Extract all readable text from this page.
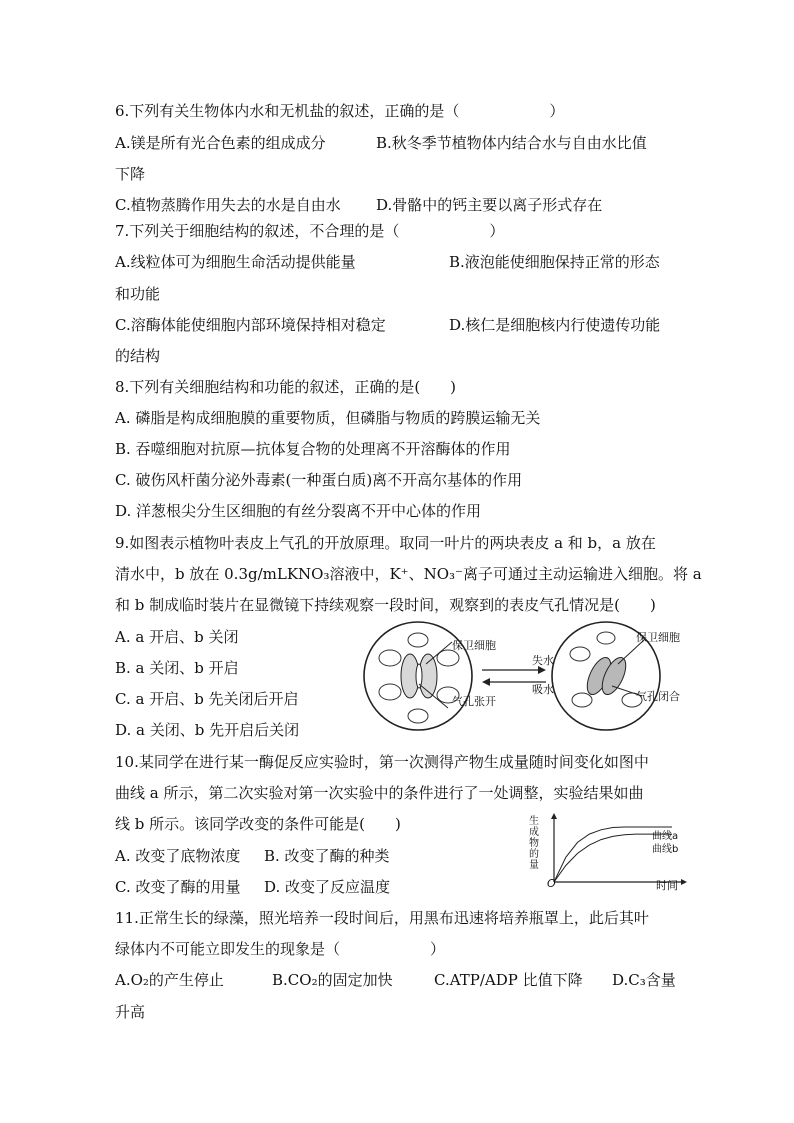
6.下列有关生物体内水和无机盐的叙述，正确的是（　　　　　　）
A.镁是所有光合色素的组成成分	B.秋冬季节植物体内结合水与自由水比值
下降
C.植物蒸腾作用失去的水是自由水 D.骨骼中的钙主要以离子形式存在
7.下列关于细胞结构的叙述，不合理的是（　　　　　　）
A.线粒体可为细胞生命活动提供能量	B.液泡能使细胞保持正常的形态
和功能
C.溶酶体能使细胞内部环境保持相对稳定	D.核仁是细胞核内行使遗传功能
的结构
8.下列有关细胞结构和功能的叙述，正确的是(　　)
A. 磷脂是构成细胞膜的重要物质，但磷脂与物质的跨膜运输无关
B. 吞噬细胞对抗原—抗体复合物的处理离不开溶酶体的作用
C. 破伤风杆菌分泌外毒素(一种蛋白质)离不开高尔基体的作用
D. 洋葱根尖分生区细胞的有丝分裂离不开中心体的作用
9.如图表示植物叶表皮上气孔的开放原理。取同一叶片的两块表皮 a 和 b，a 放在
清水中，b 放在 0.3g/mLKNO₃溶液中，K⁺、NO₃⁻离子可通过主动运输进入细胞。将 a
和 b 制成临时装片在显微镜下持续观察一段时间，观察到的表皮气孔情况是(　　)
A. a 开启、b 关闭
B. a 关闭、b 开启
C. a 开启、b 先关闭后开启
D. a 关闭、b 先开启后关闭
保卫细胞
气孔张开
失水
吸水
保卫细胞
气孔闭合
10.某同学在进行某一酶促反应实验时，第一次测得产物生成量随时间变化如图中
曲线 a 所示，第二次实验对第一次实验中的条件进行了一处调整，实验结果如曲
线 b 所示。该同学改变的条件可能是(　　)
A. 改变了底物浓度 B. 改变了酶的种类
C. 改变了酶的用量 D. 改变了反应温度
生成物的量
O	时间
曲线a
曲线b
11.正常生长的绿藻，照光培养一段时间后，用黑布迅速将培养瓶罩上，此后其叶
绿体内不可能立即发生的现象是（　　　　　　）
A.O₂的产生停止	B.CO₂的固定加快	C.ATP/ADP 比值下降 D.C₃含量
升高
